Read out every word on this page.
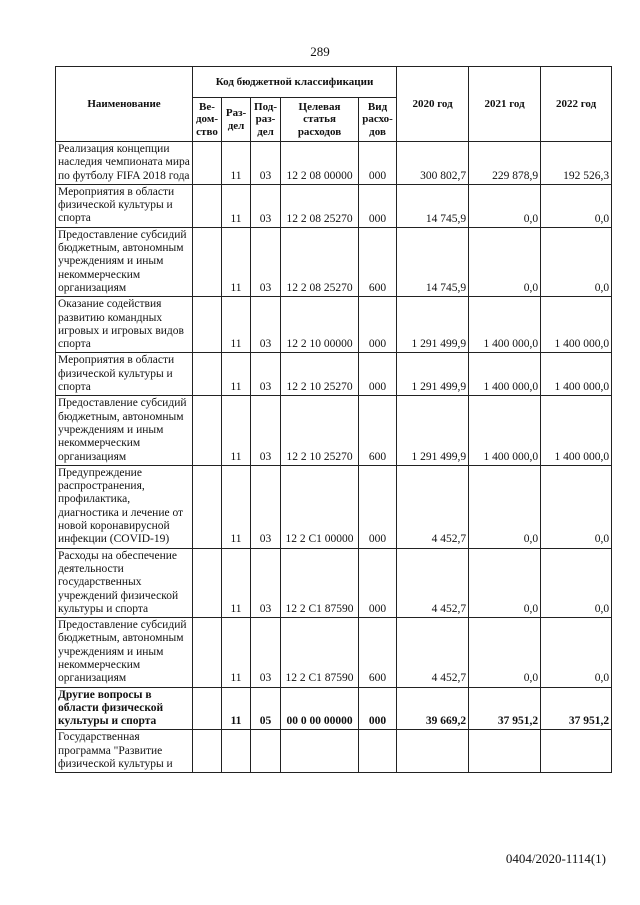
289
Наименование	Код бюджетной классификации					2020 год	2021 год	2022 год
	Ве-дом-ство	Раз-дел	Под-раз-дел	Целевая статья расходов	Вид расхо-дов			
Реализация концепции наследия чемпионата мира по футболу FIFA 2018 года		11	03	12 2 08 00000	000	300 802,7	229 878,9	192 526,3
Мероприятия в области физической культуры и спорта		11	03	12 2 08 25270	000	14 745,9	0,0	0,0
Предоставление субсидий бюджетным, автономным учреждениям и иным некоммерческим организациям		11	03	12 2 08 25270	600	14 745,9	0,0	0,0
Оказание содействия развитию командных игровых и игровых видов спорта		11	03	12 2 10 00000	000	1 291 499,9	1 400 000,0	1 400 000,0
Мероприятия в области физической культуры и спорта		11	03	12 2 10 25270	000	1 291 499,9	1 400 000,0	1 400 000,0
Предоставление субсидий бюджетным, автономным учреждениям и иным некоммерческим организациям		11	03	12 2 10 25270	600	1 291 499,9	1 400 000,0	1 400 000,0
Предупреждение распространения, профилактика, диагностика и лечение от новой коронавирусной инфекции (COVID-19)		11	03	12 2 C1 00000	000	4 452,7	0,0	0,0
Расходы на обеспечение деятельности государственных учреждений физической культуры и спорта		11	03	12 2 C1 87590	000	4 452,7	0,0	0,0
Предоставление субсидий бюджетным, автономным учреждениям и иным некоммерческим организациям		11	03	12 2 C1 87590	600	4 452,7	0,0	0,0
Другие вопросы в области физической культуры и спорта		11	05	00 0 00 00000	000	39 669,2	37 951,2	37 951,2
Государственная программа "Развитие физической культуры и								
0404/2020-1114(1)
